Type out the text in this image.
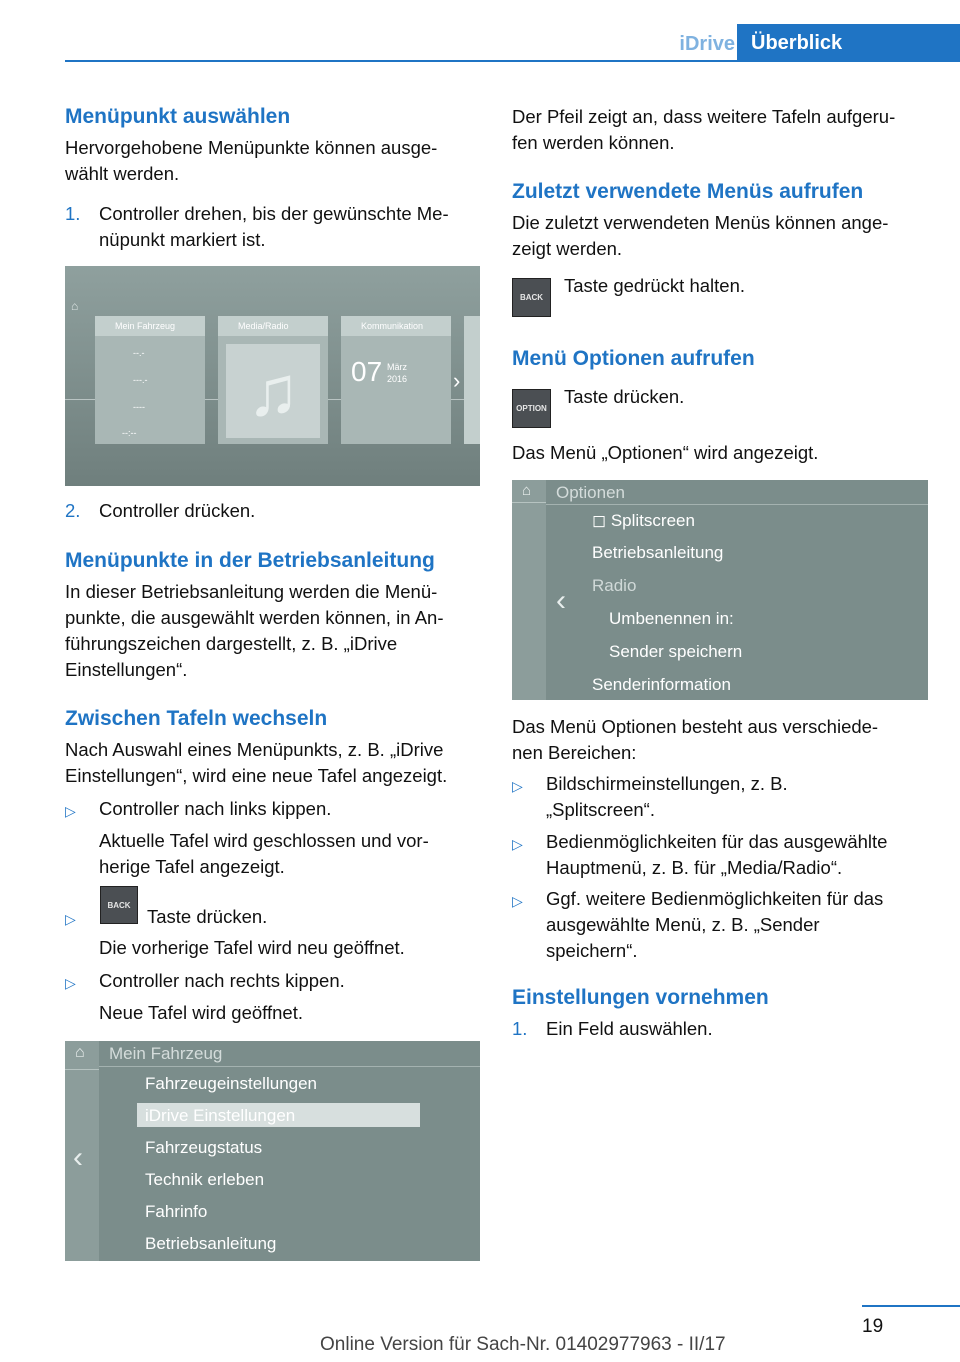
iDrive Überblick
Menüpunkt auswählen
Hervorgehobene Menüpunkte können ausge-
wählt werden.
1. Controller drehen, bis der gewünschte Me-
nüpunkt markiert ist.
⌂
Mein Fahrzeug
--.-
---.-
----
--:--
Media/Radio
♫
Kommunikation
07 März
2016 ›
2. Controller drücken.
Menüpunkte in der Betriebsanleitung
In dieser Betriebsanleitung werden die Menü-
punkte, die ausgewählt werden können, in An-
führungszeichen dargestellt, z. B. „iDrive
Einstellungen“.
Zwischen Tafeln wechseln
Nach Auswahl eines Menüpunkts, z. B. „iDrive
Einstellungen“, wird eine neue Tafel angezeigt.
▷ Controller nach links kippen.
Aktuelle Tafel wird geschlossen und vor-
herige Tafel angezeigt.
▷
BACK
Taste drücken.
Die vorherige Tafel wird neu geöffnet.
▷ Controller nach rechts kippen.
Neue Tafel wird geöffnet.
⌂
‹
Mein Fahrzeug
Fahrzeugeinstellungen
iDrive Einstellungen
Fahrzeugstatus
Technik erleben
Fahrinfo
Betriebsanleitung
Der Pfeil zeigt an, dass weitere Tafeln aufgeru-
fen werden können.
Zuletzt verwendete Menüs aufrufen
Die zuletzt verwendeten Menüs können ange-
zeigt werden.
BACK
Taste gedrückt halten.
Menü Optionen aufrufen
OPTION
Taste drücken.
Das Menü „Optionen“ wird angezeigt.
⌂ Optionen
‹
◻ Splitscreen
Betriebsanleitung
Radio
Umbenennen in:
Sender speichern
Senderinformation
Das Menü Optionen besteht aus verschiede-
nen Bereichen:
▷ Bildschirmeinstellungen, z. B.
„Splitscreen“.
▷ Bedienmöglichkeiten für das ausgewählte
Hauptmenü, z. B. für „Media/Radio“.
▷ Ggf. weitere Bedienmöglichkeiten für das
ausgewählte Menü, z. B. „Sender
speichern“.
Einstellungen vornehmen
1. Ein Feld auswählen.
19
Online Version für Sach-Nr. 01402977963 - II/17
